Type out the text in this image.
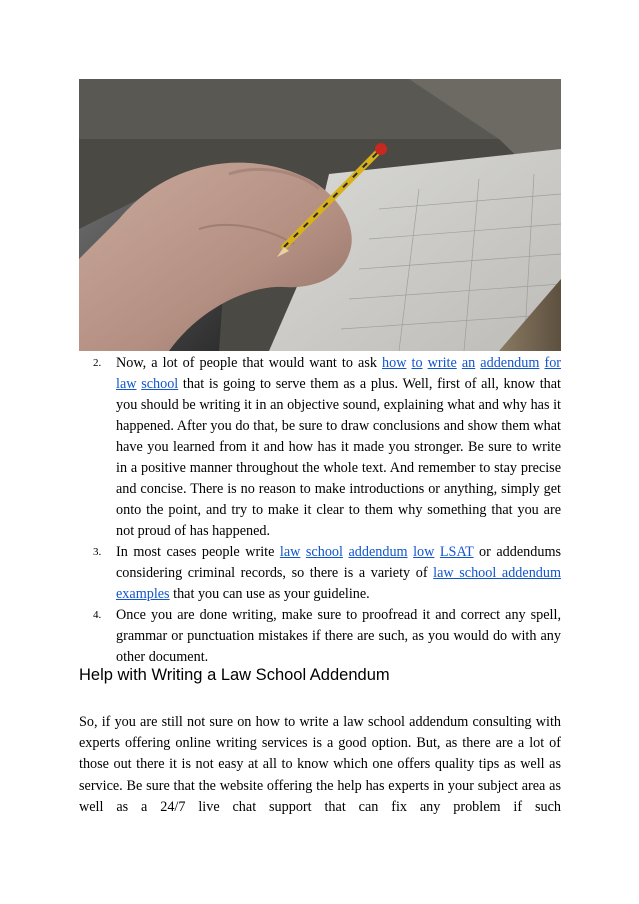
2. Now, a lot of people that would want to ask how to write an addendum for law school that is going to serve them as a plus. Well, first of all, know that you should be writing it in an objective sound, explaining what and why has it happened. After you do that, be sure to draw conclusions and show them what have you learned from it and how has it made you stronger. Be sure to write in a positive manner throughout the whole text. And remember to stay precise and concise. There is no reason to make introductions or anything, simply get onto the point, and try to make it clear to them why something that you are not proud of has happened.
3. In most cases people write law school addendum low LSAT or addendums considering criminal records, so there is a variety of law school addendum examples that you can use as your guideline.
4. Once you are done writing, make sure to proofread it and correct any spell, grammar or punctuation mistakes if there are such, as you would do with any other document.
Help with Writing a Law School Addendum

So, if you are still not sure on how to write a law school addendum consulting with experts offering online writing services is a good option. But, as there are a lot of those out there it is not easy at all to know which one offers quality tips as well as service. Be sure that the website offering the help has experts in your subject area as well as a 24/7 live chat support that can fix any problem if such
